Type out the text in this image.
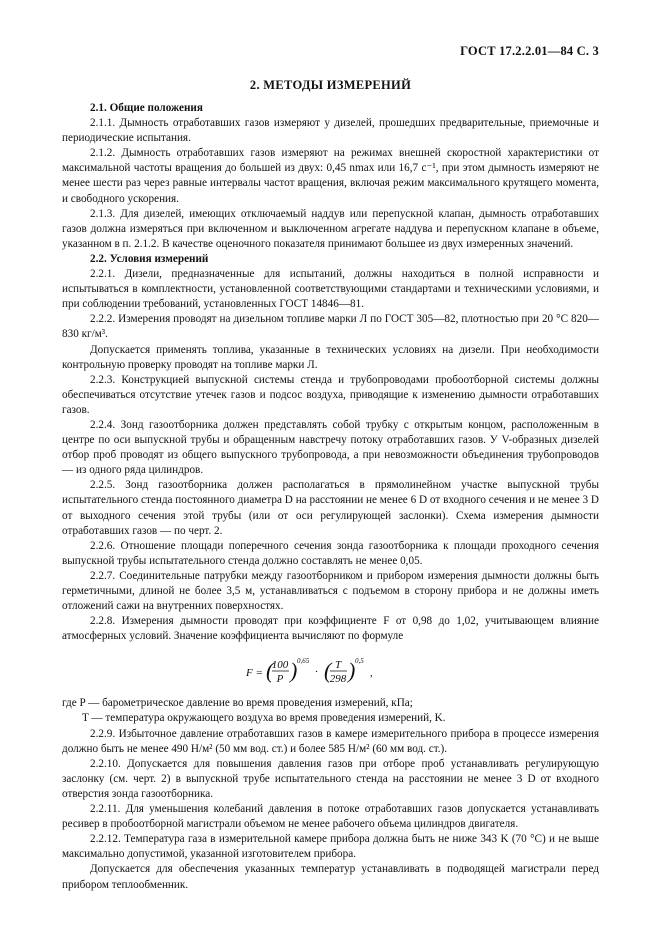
ГОСТ 17.2.2.01—84 С. 3
2. МЕТОДЫ ИЗМЕРЕНИЙ

2.1. Общие положения

2.1.1. Дымность отработавших газов измеряют у дизелей, прошедших предварительные, приемочные и периодические испытания.

2.1.2. Дымность отработавших газов измеряют на режимах внешней скоростной характеристики от максимальной частоты вращения до большей из двух: 0,45 nmax или 16,7 с⁻¹, при этом дымность измеряют не менее шести раз через равные интервалы частот вращения, включая режим максимального крутящего момента, и свободного ускорения.

2.1.3. Для дизелей, имеющих отключаемый наддув или перепускной клапан, дымность отработавших газов должна измеряться при включенном и выключенном агрегате наддува и перепускном клапане в объеме, указанном в п. 2.1.2. В качестве оценочного показателя принимают большее из двух измеренных значений.

2.2. Условия измерений

2.2.1. Дизели, предназначенные для испытаний, должны находиться в полной исправности и испытываться в комплектности, установленной соответствующими стандартами и техническими условиями, и при соблюдении требований, установленных ГОСТ 14846—81.

2.2.2. Измерения проводят на дизельном топливе марки Л по ГОСТ 305—82, плотностью при 20 °С 820—830 кг/м³.

Допускается применять топлива, указанные в технических условиях на дизели. При необходимости контрольную проверку проводят на топливе марки Л.

2.2.3. Конструкцией выпускной системы стенда и трубопроводами пробоотборной системы должны обеспечиваться отсутствие утечек газов и подсос воздуха, приводящие к изменению дымности отработавших газов.

2.2.4. Зонд газоотборника должен представлять собой трубку с открытым концом, расположенным в центре по оси выпускной трубы и обращенным навстречу потоку отработавших газов. У V-образных дизелей отбор проб проводят из общего выпускного трубопровода, а при невозможности объединения трубопроводов — из одного ряда цилиндров.

2.2.5. Зонд газоотборника должен располагаться в прямолинейном участке выпускной трубы испытательного стенда постоянного диаметра D на расстоянии не менее 6 D от входного сечения и не менее 3 D от выходного сечения этой трубы (или от оси регулирующей заслонки). Схема измерения дымности отработавших газов — по черт. 2.

2.2.6. Отношение площади поперечного сечения зонда газоотборника к площади проходного сечения выпускной трубы испытательного стенда должно составлять не менее 0,05.

2.2.7. Соединительные патрубки между газоотборником и прибором измерения дымности должны быть герметичными, длиной не более 3,5 м, устанавливаться с подъемом в сторону прибора и не должны иметь отложений сажи на внутренних поверхностях.

2.2.8. Измерения дымности проводят при коэффициенте F от 0,98 до 1,02, учитывающем влияние атмосферных условий. Значение коэффициента вычисляют по формуле

F = (
100
P ) 0,65
· ( T
298 ) 0,5
,

где P — барометрическое давление во время проведения измерений, кПа;

T — температура окружающего воздуха во время проведения измерений, K.

2.2.9. Избыточное давление отработавших газов в камере измерительного прибора в процессе измерения должно быть не менее 490 Н/м² (50 мм вод. ст.) и более 585 Н/м² (60 мм вод. ст.).

2.2.10. Допускается для повышения давления газов при отборе проб устанавливать регулирующую заслонку (см. черт. 2) в выпускной трубе испытательного стенда на расстоянии не менее 3 D от входного отверстия зонда газоотборника.

2.2.11. Для уменьшения колебаний давления в потоке отработавших газов допускается устанавливать ресивер в пробоотборной магистрали объемом не менее рабочего объема цилиндров двигателя.

2.2.12. Температура газа в измерительной камере прибора должна быть не ниже 343 K (70 °С) и не выше максимально допустимой, указанной изготовителем прибора.

Допускается для обеспечения указанных температур устанавливать в подводящей магистрали перед прибором теплообменник.
